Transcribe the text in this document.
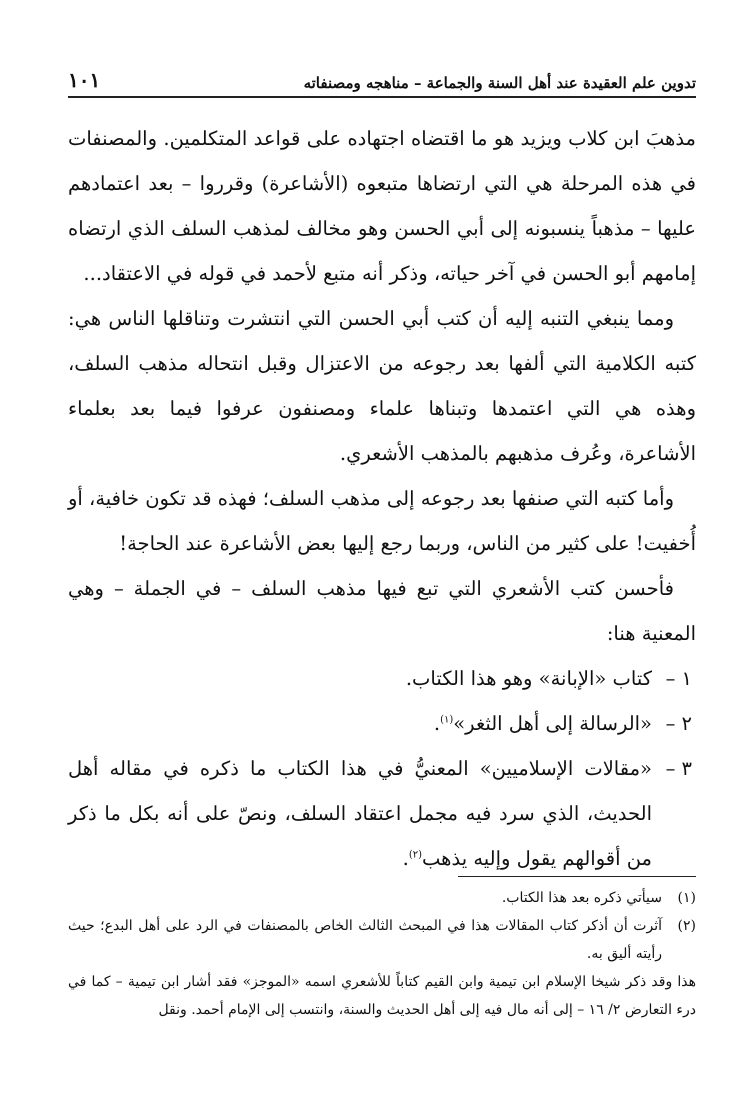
تدوين علم العقيدة عند أهل السنة والجماعة – مناهجه ومصنفاته
١٠١

مذهبَ ابن كلاب ويزيد هو ما اقتضاه اجتهاده على قواعد المتكلمين. والمصنفات في هذه المرحلة هي التي ارتضاها متبعوه (الأشاعرة) وقرروا – بعد اعتمادهم عليها – مذهباً ينسبونه إلى أبي الحسن وهو مخالف لمذهب السلف الذي ارتضاه إمامهم أبو الحسن في آخر حياته، وذكر أنه متبع لأحمد في قوله في الاعتقاد...

ومما ينبغي التنبه إليه أن كتب أبي الحسن التي انتشرت وتناقلها الناس هي: كتبه الكلامية التي ألفها بعد رجوعه من الاعتزال وقبل انتحاله مذهب السلف، وهذه هي التي اعتمدها وتبناها علماء ومصنفون عرفوا فيما بعد بعلماء الأشاعرة، وعُرف مذهبهم بالمذهب الأشعري.

وأما كتبه التي صنفها بعد رجوعه إلى مذهب السلف؛ فهذه قد تكون خافية، أو أُخفيت! على كثير من الناس، وربما رجع إليها بعض الأشاعرة عند الحاجة!

فأحسن كتب الأشعري التي تبع فيها مذهب السلف – في الجملة – وهي المعنية هنا:

١ –
كتاب «الإبانة» وهو هذا الكتاب.
٢ –
«الرسالة إلى أهل الثغر»$^{(١)}$.
٣ –
«مقالات الإسلاميين» المعنيُّ في هذا الكتاب ما ذكره في مقاله أهل الحديث، الذي سرد فيه مجمل اعتقاد السلف، ونصّ على أنه بكل ما ذكر من أقوالهم يقول وإليه يذهب$^{(٢)}$.
(١)
سيأتي ذكره بعد هذا الكتاب.
(٢)
آثرت أن أذكر كتاب المقالات هذا في المبحث الثالث الخاص بالمصنفات في الرد على أهل البدع؛ حيث رأيته أليق به.

هذا وقد ذكر شيخا الإسلام ابن تيمية وابن القيم كتاباً للأشعري اسمه «الموجز» فقد أشار ابن تيمية – كما في درء التعارض ٢/ ١٦ – إلى أنه مال فيه إلى أهل الحديث والسنة، وانتسب إلى الإمام أحمد. ونقل
